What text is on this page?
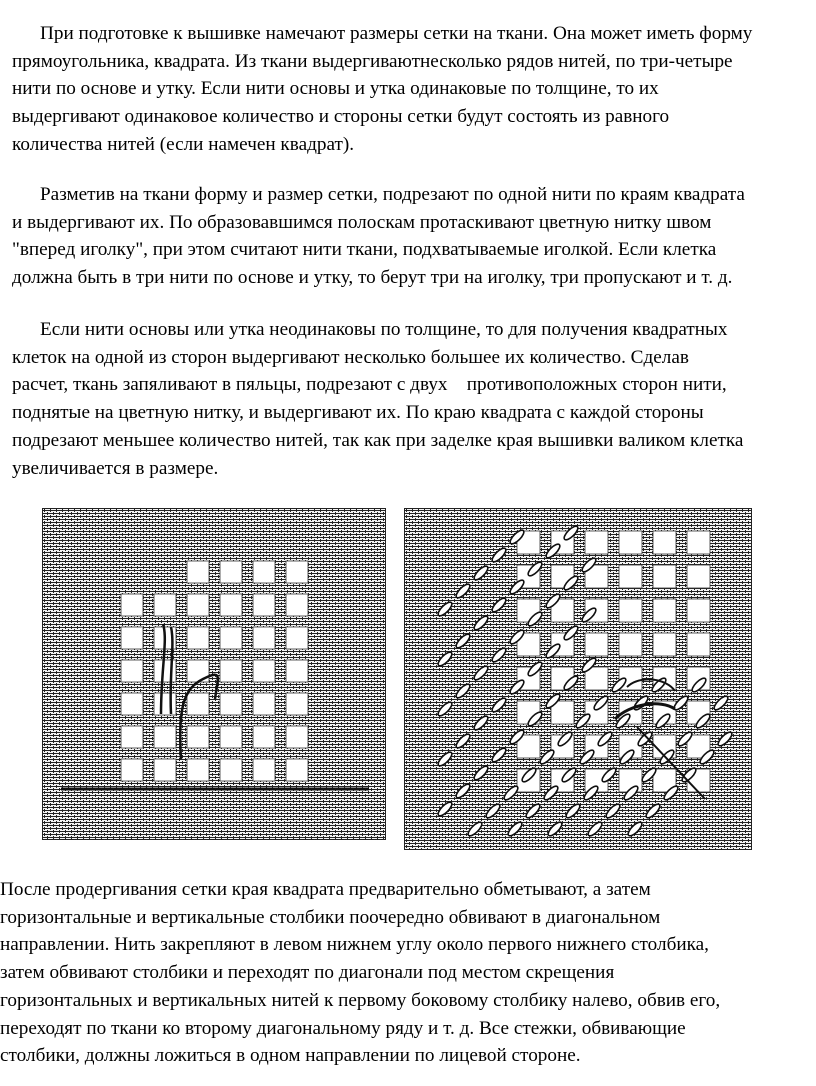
При подготовке к вышивке намечают размеры сетки на ткани. Она может иметь форму
прямоугольника, квадрата. Из ткани выдергиваютнесколько рядов нитей, по три-четыре
нити по основе и утку. Если нити основы и утка одинаковые по толщине, то их
выдергивают одинаковое количество и стороны сетки будут состоять из равного
количества нитей (если намечен квадрат).
Разметив на ткани форму и размер сетки, подрезают по одной нити по краям квадрата
и выдергивают их. По образовавшимся полоскам протаскивают цветную нитку швом
"вперед иголку", при этом считают нити ткани, подхватываемые иголкой. Если клетка
должна быть в три нити по основе и утку, то берут три на иголку, три пропускают и т. д.
Если нити основы или утка неодинаковы по толщине, то для получения квадратных
клеток на одной из сторон выдергивают несколько большее их количество. Сделав
расчет, ткань запяливают в пяльцы, подрезают с двух    противоположных сторон нити,
поднятые на цветную нитку, и выдергивают их. По краю квадрата с каждой стороны
подрезают меньшее количество нитей, так как при заделке края вышивки валиком клетка
увеличивается в размере.
После продергивания сетки края квадрата предварительно обметывают, а затем
горизонтальные и вертикальные столбики поочередно обвивают в диагональном
направлении. Нить закрепляют в левом нижнем углу около первого нижнего столбика,
затем обвивают столбики и переходят по диагонали под местом скрещения
горизонтальных и вертикальных нитей к первому боковому столбику налево, обвив его,
переходят по ткани ко второму диагональному ряду и т. д. Все стежки, обвивающие
столбики, должны ложиться в одном направлении по лицевой стороне.
